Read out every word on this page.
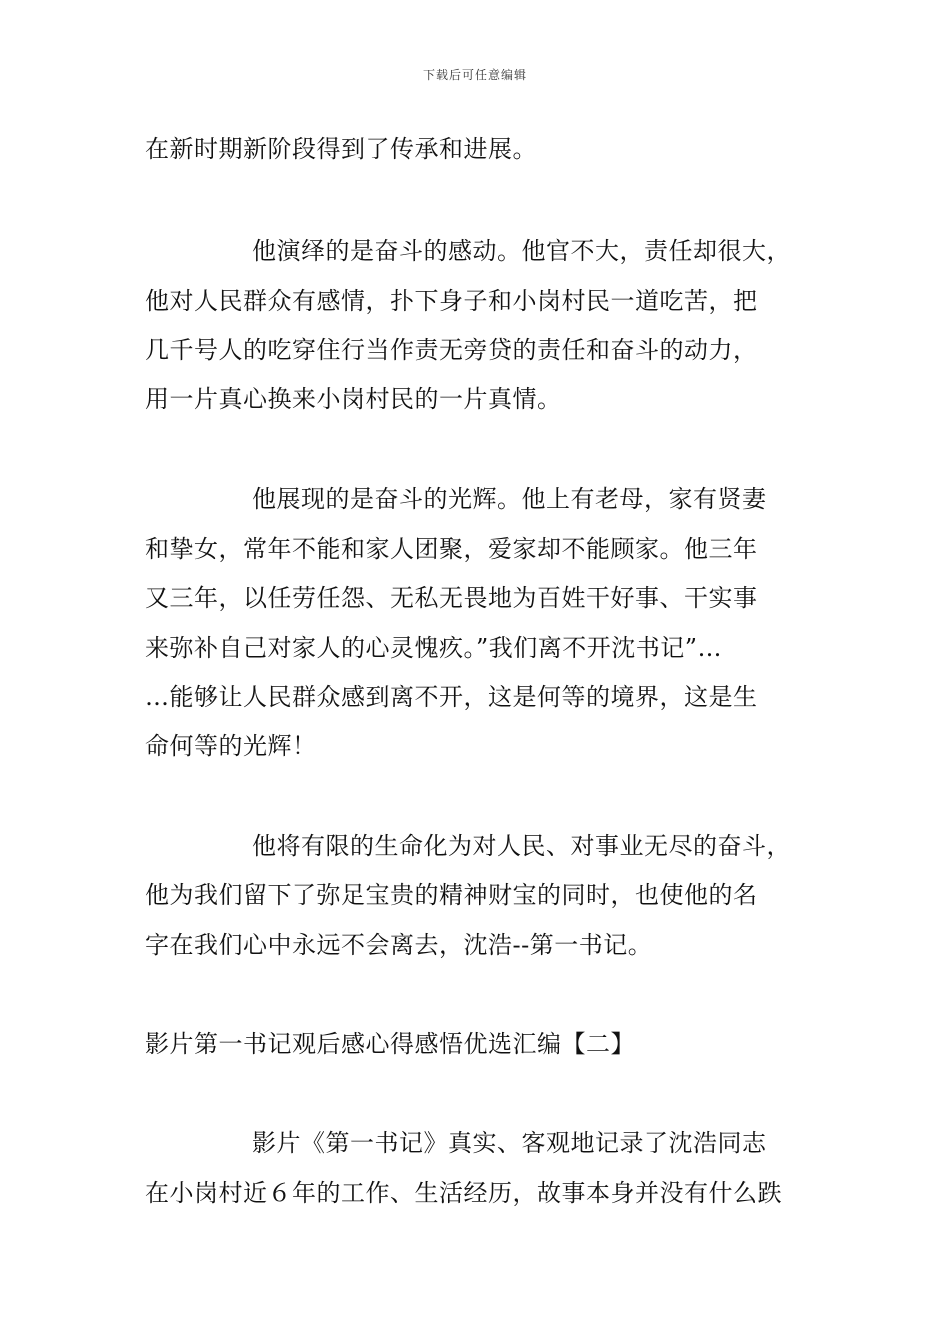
下载后可任意编辑
在新时期新阶段得到了传承和进展。
他演绎的是奋斗的感动。他官不大，责任却很大，
他对人民群众有感情，扑下身子和小岗村民一道吃苦，把
几千号人的吃穿住行当作责无旁贷的责任和奋斗的动力，
用一片真心换来小岗村民的一片真情。
他展现的是奋斗的光辉。他上有老母，家有贤妻
和挚女，常年不能和家人团聚，爱家却不能顾家。他三年
又三年，以任劳任怨、无私无畏地为百姓干好事、干实事
来弥补自己对家人的心灵愧疚。”我们离不开沈书记”…
…能够让人民群众感到离不开，这是何等的境界，这是生
命何等的光辉！
他将有限的生命化为对人民、对事业无尽的奋斗，
他为我们留下了弥足宝贵的精神财宝的同时，也使他的名
字在我们心中永远不会离去，沈浩--第一书记。
影片第一书记观后感心得感悟优选汇编【二】
影片《第一书记》真实、客观地记录了沈浩同志
在小岗村近６年的工作、生活经历，故事本身并没有什么跌
